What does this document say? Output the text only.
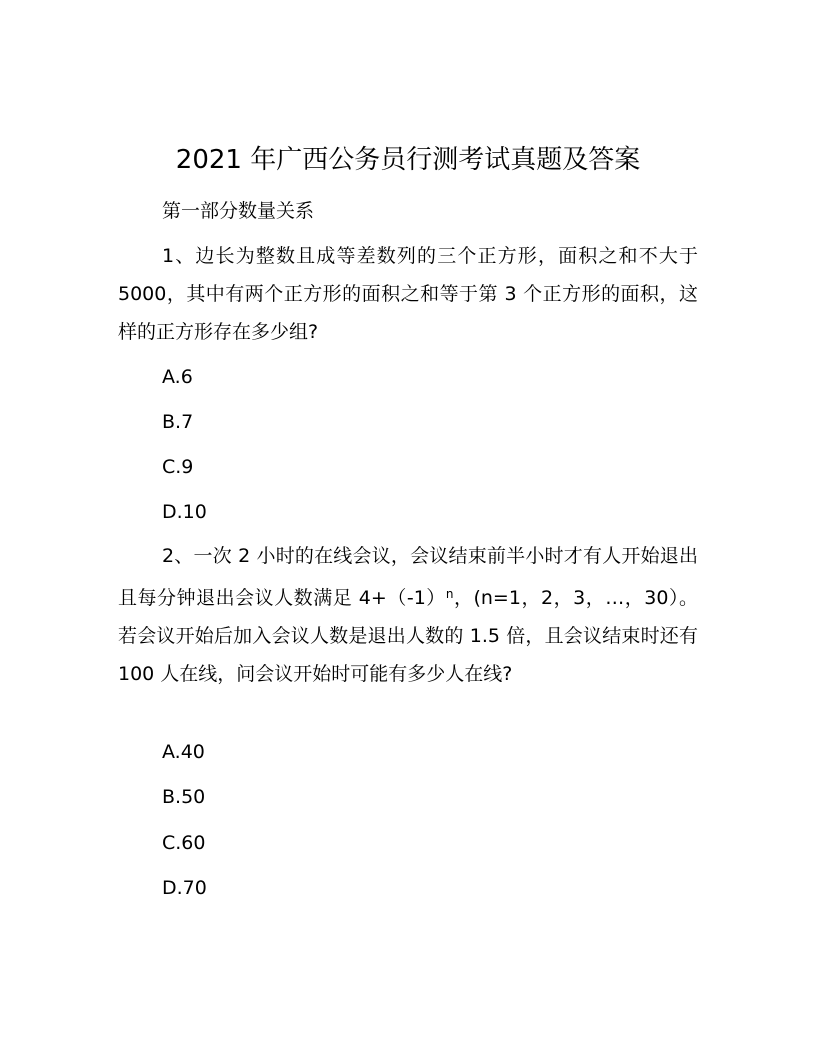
2021 年广西公务员行测考试真题及答案
第一部分数量关系
1、边长为整数且成等差数列的三个正方形，面积之和不大于 5000，其中有两个正方形的面积之和等于第 3 个正方形的面积，这样的正方形存在多少组?
A.6
B.7
C.9
D.10
2、一次 2 小时的在线会议，会议结束前半小时才有人开始退出且每分钟退出会议人数满足 $4+(-1)^n$，(n=1，2，3，…，30）。若会议开始后加入会议人数是退出人数的 1.5 倍，且会议结束时还有 100 人在线，问会议开始时可能有多少人在线?
A.40
B.50
C.60
D.70
